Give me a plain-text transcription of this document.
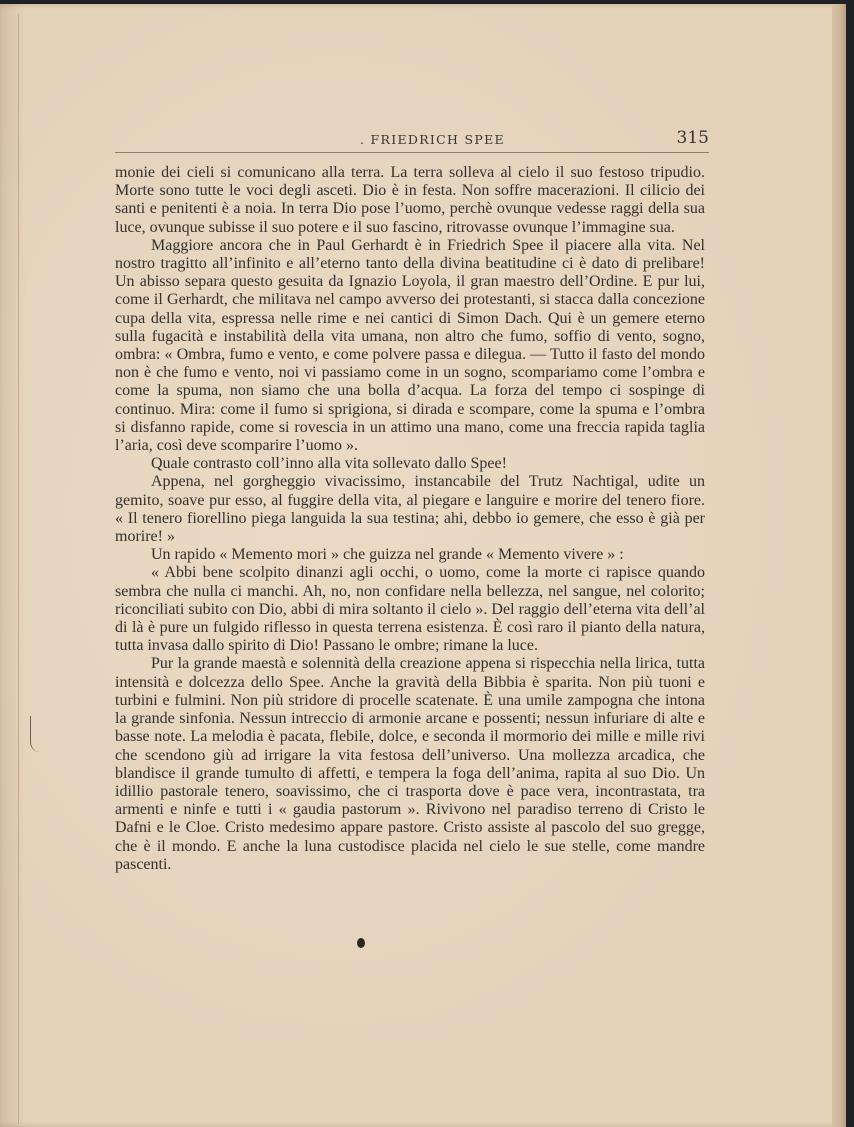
. FRIEDRICH SPEE	315

monie dei cieli si comunicano alla terra. La terra solleva al cielo il suo festoso tripudio. Morte sono tutte le voci degli asceti. Dio è in festa. Non soffre macerazioni. Il cilicio dei santi e penitenti è a noia. In terra Dio pose l’uomo, perchè ovunque vedesse raggi della sua luce, ovunque subisse il suo potere e il suo fascino, ritrovasse ovunque l’immagine sua.

Maggiore ancora che in Paul Gerhardt è in Friedrich Spee il piacere alla vita. Nel nostro tragitto all’infinito e all’eterno tanto della divina beatitudine ci è dato di prelibare! Un abisso separa questo gesuita da Ignazio Loyola, il gran maestro dell’Ordine. E pur lui, come il Gerhardt, che militava nel campo avverso dei protestanti, si stacca dalla concezione cupa della vita, espressa nelle rime e nei cantici di Simon Dach. Qui è un gemere eterno sulla fugacità e instabilità della vita umana, non altro che fumo, soffio di vento, sogno, ombra: « Ombra, fumo e vento, e come polvere passa e dilegua. — Tutto il fasto del mondo non è che fumo e vento, noi vi passiamo come in un sogno, scompariamo come l’ombra e come la spuma, non siamo che una bolla d’acqua. La forza del tempo ci sospinge di continuo. Mira: come il fumo si sprigiona, si dirada e scompare, come la spuma e l’ombra si disfanno rapide, come si rovescia in un attimo una mano, come una freccia rapida taglia l’aria, così deve scomparire l’uomo ».

Quale contrasto coll’inno alla vita sollevato dallo Spee!

Appena, nel gorgheggio vivacissimo, instancabile del Trutz Nachtigal, udite un gemito, soave pur esso, al fuggire della vita, al piegare e languire e morire del tenero fiore. « Il tenero fiorellino piega languida la sua testina; ahi, debbo io gemere, che esso è già per morire! »

Un rapido « Memento mori » che guizza nel grande « Memento vivere » :

« Abbi bene scolpito dinanzi agli occhi, o uomo, come la morte ci rapisce quando sembra che nulla ci manchi. Ah, no, non confidare nella bellezza, nel sangue, nel colorito; riconciliati subito con Dio, abbi di mira soltanto il cielo ». Del raggio dell’eterna vita dell’al di là è pure un fulgido riflesso in questa terrena esistenza. È così raro il pianto della natura, tutta invasa dallo spirito di Dio! Passano le ombre; rimane la luce.

Pur la grande maestà e solennità della creazione appena si rispecchia nella lirica, tutta intensità e dolcezza dello Spee. Anche la gravità della Bibbia è sparita. Non più tuoni e turbini e fulmini. Non più stridore di procelle scatenate. È una umile zampogna che intona la grande sinfonia. Nessun intreccio di armonie arcane e possenti; nessun infuriare di alte e basse note. La melodia è pacata, flebile, dolce, e seconda il mormorio dei mille e mille rivi che scendono giù ad irrigare la vita festosa dell’universo. Una mollezza arcadica, che blandisce il grande tumulto di affetti, e tempera la foga dell’anima, rapita al suo Dio. Un idillio pastorale tenero, soavissimo, che ci trasporta dove è pace vera, incontrastata, tra armenti e ninfe e tutti i « gaudia pastorum ». Rivivono nel paradiso terreno di Cristo le Dafni e le Cloe. Cristo medesimo appare pastore. Cristo assiste al pascolo del suo gregge, che è il mondo. E anche la luna custodisce placida nel cielo le sue stelle, come mandre pascenti.
